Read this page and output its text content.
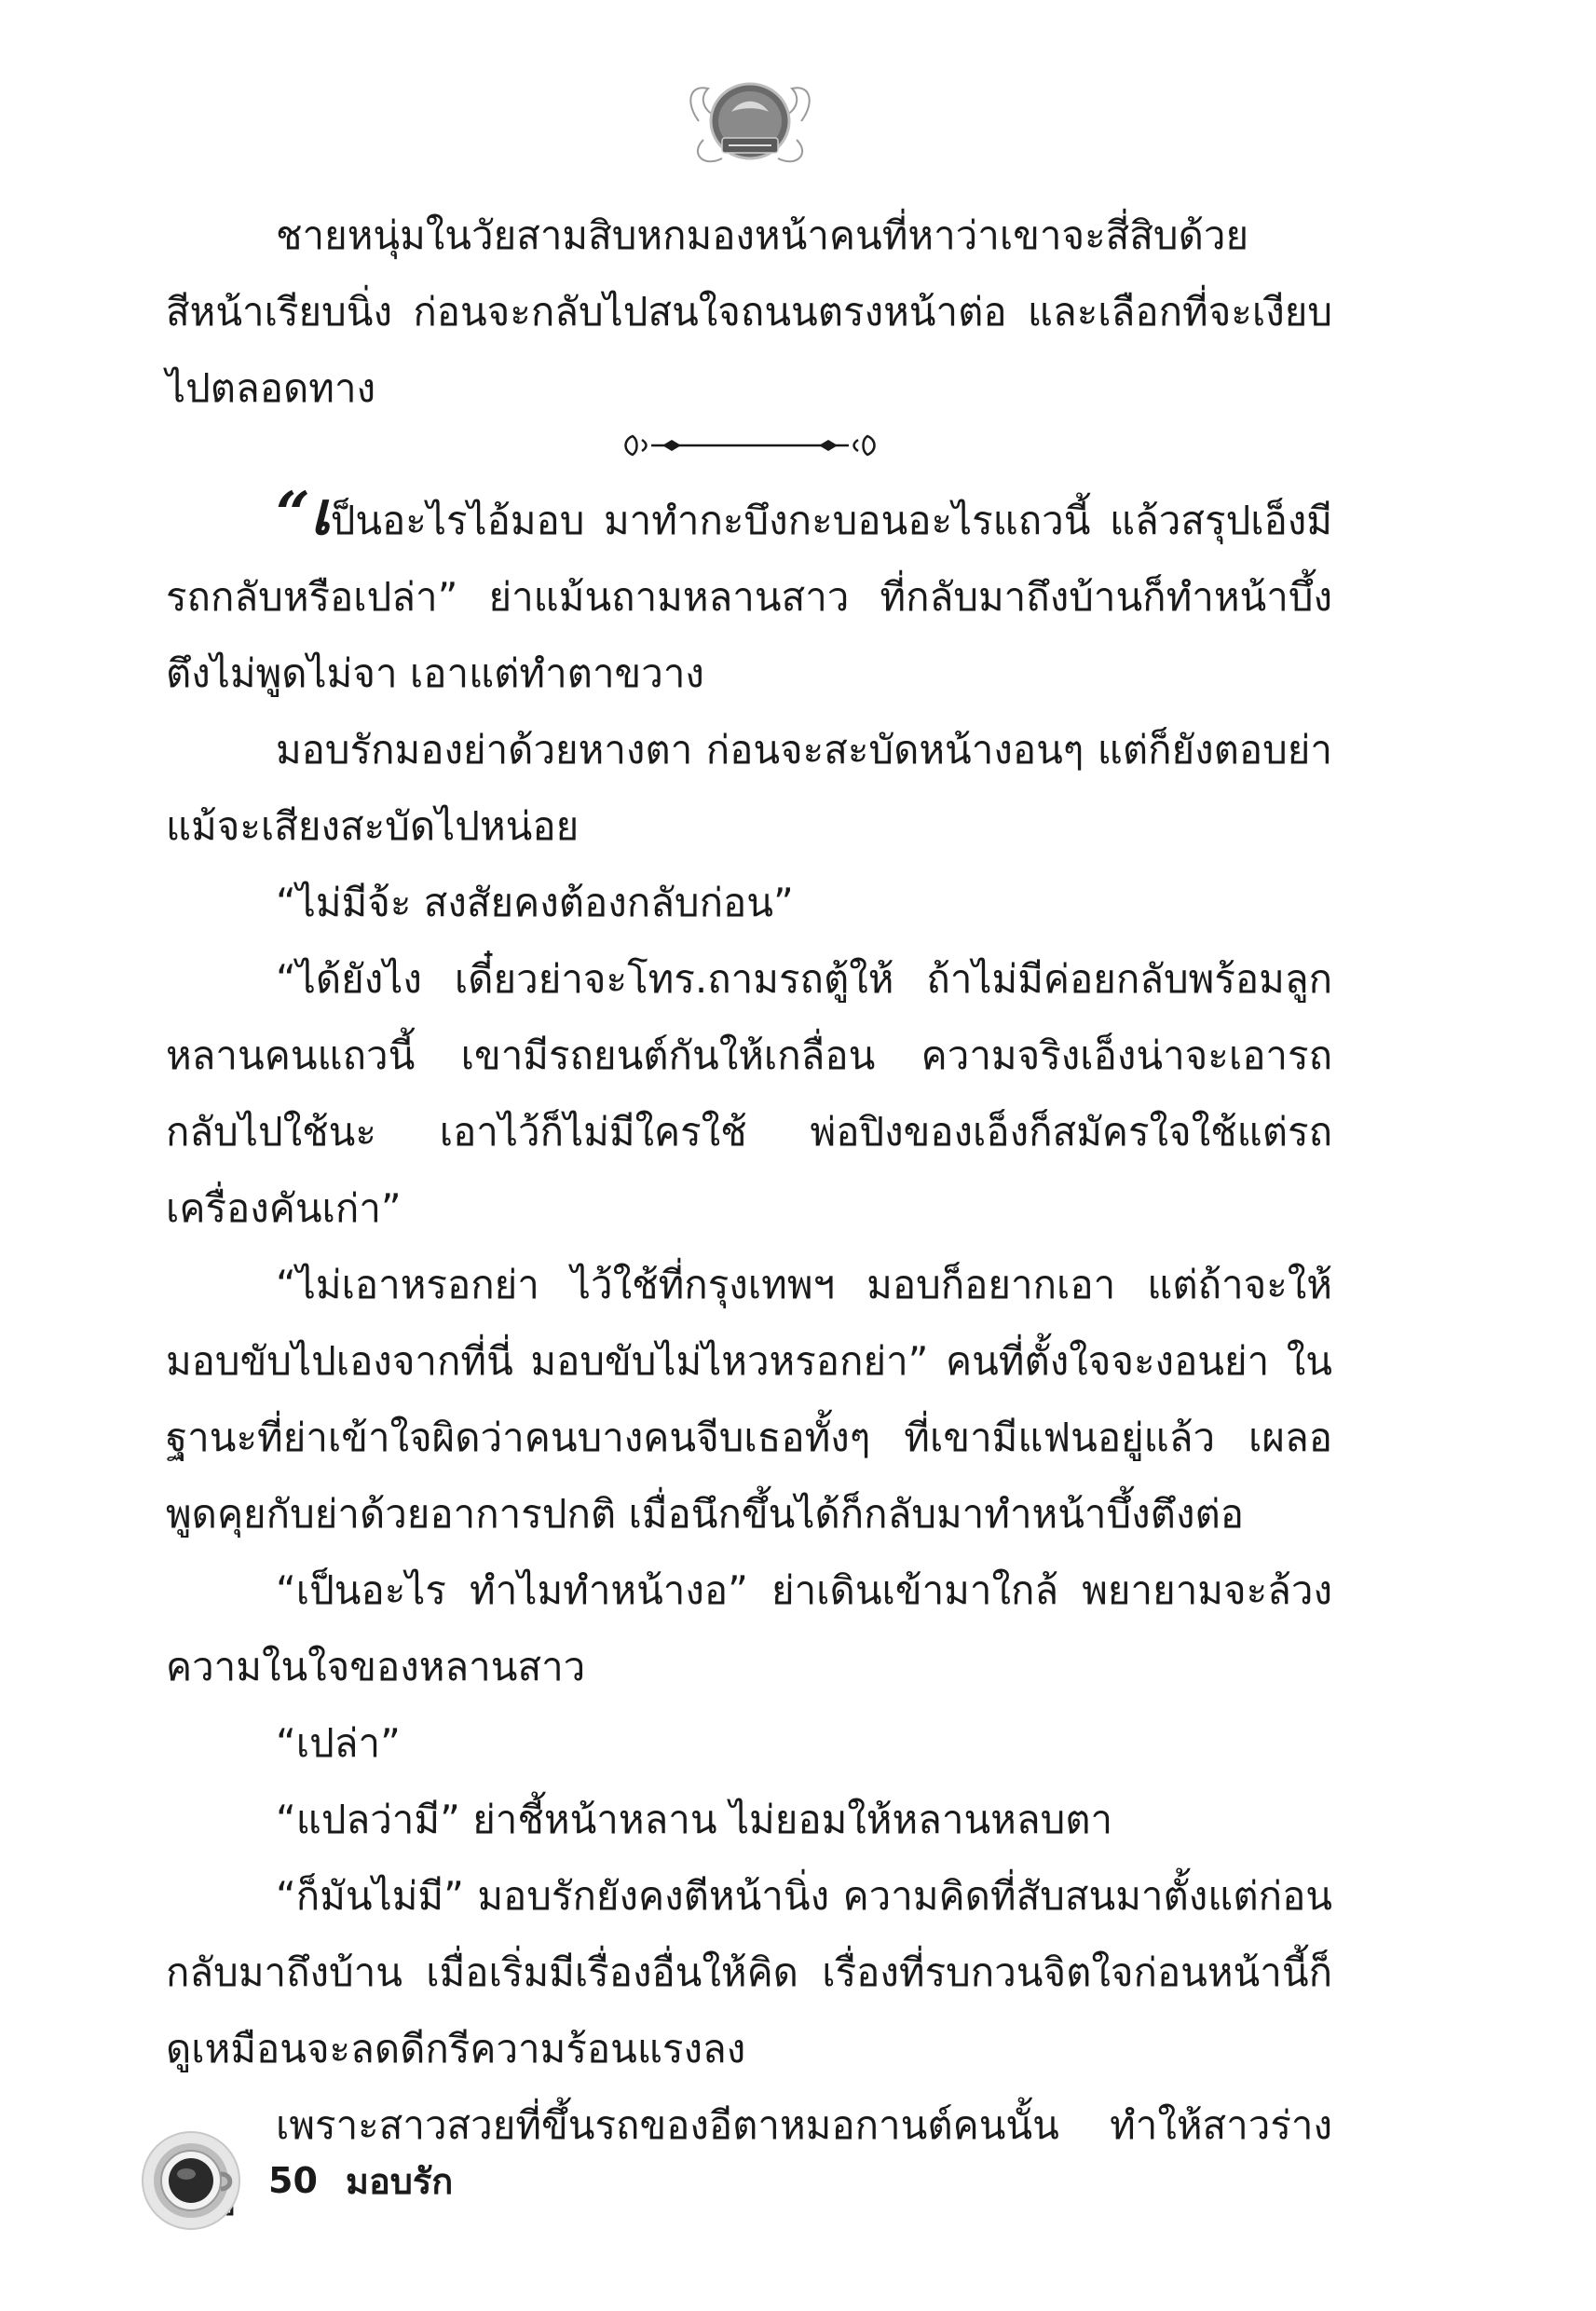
ชายหนุ่มในวัยสามสิบหกมองหน้าคนที่หาว่าเขาจะสี่สิบด้วยสีหน้าเรียบนิ่ง ก่อนจะกลับไปสนใจถนนตรงหน้าต่อ และเลือกที่จะเงียบไปตลอดทาง

“เป็นอะไรไอ้มอบ มาทำกะบึงกะบอนอะไรแถวนี้ แล้วสรุปเอ็งมีรถกลับหรือเปล่า” ย่าแม้นถามหลานสาว ที่กลับมาถึงบ้านก็ทำหน้าบึ้งตึงไม่พูดไม่จา เอาแต่ทำตาขวาง

มอบรักมองย่าด้วยหางตา ก่อนจะสะบัดหน้างอนๆ แต่ก็ยังตอบย่าแม้จะเสียงสะบัดไปหน่อย

“ไม่มีจ้ะ สงสัยคงต้องกลับก่อน”

“ได้ยังไง เดี๋ยวย่าจะโทร.ถามรถตู้ให้ ถ้าไม่มีค่อยกลับพร้อมลูกหลานคนแถวนี้ เขามีรถยนต์กันให้เกลื่อน ความจริงเอ็งน่าจะเอารถกลับไปใช้นะ เอาไว้ก็ไม่มีใครใช้ พ่อปิงของเอ็งก็สมัครใจใช้แต่รถเครื่องคันเก่า”

“ไม่เอาหรอกย่า ไว้ใช้ที่กรุงเทพฯ มอบก็อยากเอา แต่ถ้าจะให้มอบขับไปเองจากที่นี่ มอบขับไม่ไหวหรอกย่า” คนที่ตั้งใจจะงอนย่า ในฐานะที่ย่าเข้าใจผิดว่าคนบางคนจีบเธอทั้งๆ ที่เขามีแฟนอยู่แล้ว เผลอพูดคุยกับย่าด้วยอาการปกติ เมื่อนึกขึ้นได้ก็กลับมาทำหน้าบึ้งตึงต่อ

“เป็นอะไร ทำไมทำหน้างอ” ย่าเดินเข้ามาใกล้ พยายามจะล้วงความในใจของหลานสาว

“เปล่า”

“แปลว่ามี” ย่าชี้หน้าหลาน ไม่ยอมให้หลานหลบตา

“ก็มันไม่มี” มอบรักยังคงตีหน้านิ่ง ความคิดที่สับสนมาตั้งแต่ก่อนกลับมาถึงบ้าน เมื่อเริ่มมีเรื่องอื่นให้คิด เรื่องที่รบกวนจิตใจก่อนหน้านี้ก็ดูเหมือนจะลดดีกรีความร้อนแรงลง

เพราะสาวสวยที่ขึ้นรถของอีตาหมอกานต์คนนั้น ทำให้สาวร่าง

50 มอบรัก
